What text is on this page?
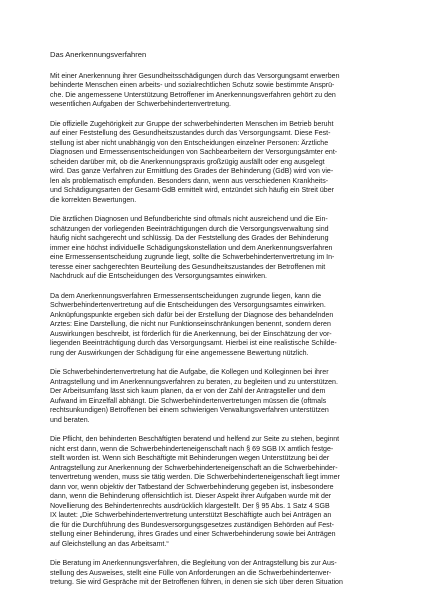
Das Anerkennungsverfahren

Mit einer Anerkennung ihrer Gesundheitsschädigungen durch das Versorgungsamt erwerben
behinderte Menschen einen arbeits- und sozialrechtlichen Schutz sowie bestimmte Ansprü-
che. Die angemessene Unterstützung Betroffener im Anerkennungsverfahren gehört zu den
wesentlichen Aufgaben der Schwerbehindertenvertretung.

Die offizielle Zugehörigkeit zur Gruppe der schwerbehinderten Menschen im Betrieb beruht
auf einer Feststellung des Gesundheitszustandes durch das Versorgungsamt. Diese Fest-
stellung ist aber nicht unabhängig von den Entscheidungen einzelner Personen: Ärztliche
Diagnosen und Ermessensentscheidungen von Sachbearbeitern der Versorgungsämter ent-
scheiden darüber mit, ob die Anerkennungspraxis großzügig ausfällt oder eng ausgelegt
wird. Das ganze Verfahren zur Ermittlung des Grades der Behinderung (GdB) wird von vie-
len als problematisch empfunden. Besonders dann, wenn aus verschiedenen Krankheits-
und Schädigungsarten der Gesamt-GdB ermittelt wird, entzündet sich häufig ein Streit über
die korrekten Bewertungen.

Die ärztlichen Diagnosen und Befundberichte sind oftmals nicht ausreichend und die Ein-
schätzungen der vorliegenden Beeinträchtigungen durch die Versorgungsverwaltung sind
häufig nicht sachgerecht und schlüssig. Da der Feststellung des Grades der Behinderung
immer eine höchst individuelle Schädigungskonstellation und dem Anerkennungsverfahren
eine Ermessensentscheidung zugrunde liegt, sollte die Schwerbehindertenvertretung im In-
teresse einer sachgerechten Beurteilung des Gesundheitszustandes der Betroffenen mit
Nachdruck auf die Entscheidungen des Versorgungsamtes einwirken.

Da dem Anerkennungsverfahren Ermessensentscheidungen zugrunde liegen, kann die
Schwerbehindertenvertretung auf die Entscheidungen des Versorgungsamtes einwirken.
Anknüpfungspunkte ergeben sich dafür bei der Erstellung der Diagnose des behandelnden
Arztes: Eine Darstellung, die nicht nur Funktionseinschränkungen benennt, sondern deren
Auswirkungen beschreibt, ist förderlich für die Anerkennung, bei der Einschätzung der vor-
liegenden Beeinträchtigung durch das Versorgungsamt. Hierbei ist eine realistische Schilde-
rung der Auswirkungen der Schädigung für eine angemessene Bewertung nützlich.

Die Schwerbehindertenvertretung hat die Aufgabe, die Kollegen und Kolleginnen bei ihrer
Antragstellung und im Anerkennungsverfahren zu beraten, zu begleiten und zu unterstützen.
Der Arbeitsumfang lässt sich kaum planen, da er von der Zahl der Antragsteller und dem
Aufwand im Einzelfall abhängt. Die Schwerbehindertenvertretungen müssen die (oftmals
rechtsunkundigen) Betroffenen bei einem schwierigen Verwaltungsverfahren unterstützen
und beraten.

Die Pflicht, den behinderten Beschäftigten beratend und helfend zur Seite zu stehen, beginnt
nicht erst dann, wenn die Schwerbehinderteneigenschaft nach § 69 SGB IX amtlich festge-
stellt worden ist. Wenn sich Beschäftigte mit Behinderungen wegen Unterstützung bei der
Antragstellung zur Anerkennung der Schwerbehinderteneigenschaft an die Schwerbehinder-
tenvertretung wenden, muss sie tätig werden. Die Schwerbehinderteneigenschaft liegt immer
dann vor, wenn objektiv der Tatbestand der Schwerbehinderung gegeben ist, insbesondere
dann, wenn die Behinderung offensichtlich ist. Dieser Aspekt ihrer Aufgaben wurde mit der
Novellierung des Behindertenrechts ausdrücklich klargestellt. Der § 95 Abs. 1 Satz 4 SGB
IX lautet: „Die Schwerbehindertenvertretung unterstützt Beschäftigte auch bei Anträgen an
die für die Durchführung des Bundesversorgungsgesetzes zuständigen Behörden auf Fest-
stellung einer Behinderung, ihres Grades und einer Schwerbehinderung sowie bei Anträgen
auf Gleichstellung an das Arbeitsamt.“

Die Beratung im Anerkennungsverfahren, die Begleitung von der Antragstellung bis zur Aus-
stellung des Ausweises, stellt eine Fülle von Anforderungen an die Schwerbehindertenver-
tretung. Sie wird Gespräche mit der Betroffenen führen, in denen sie sich über deren Situation
